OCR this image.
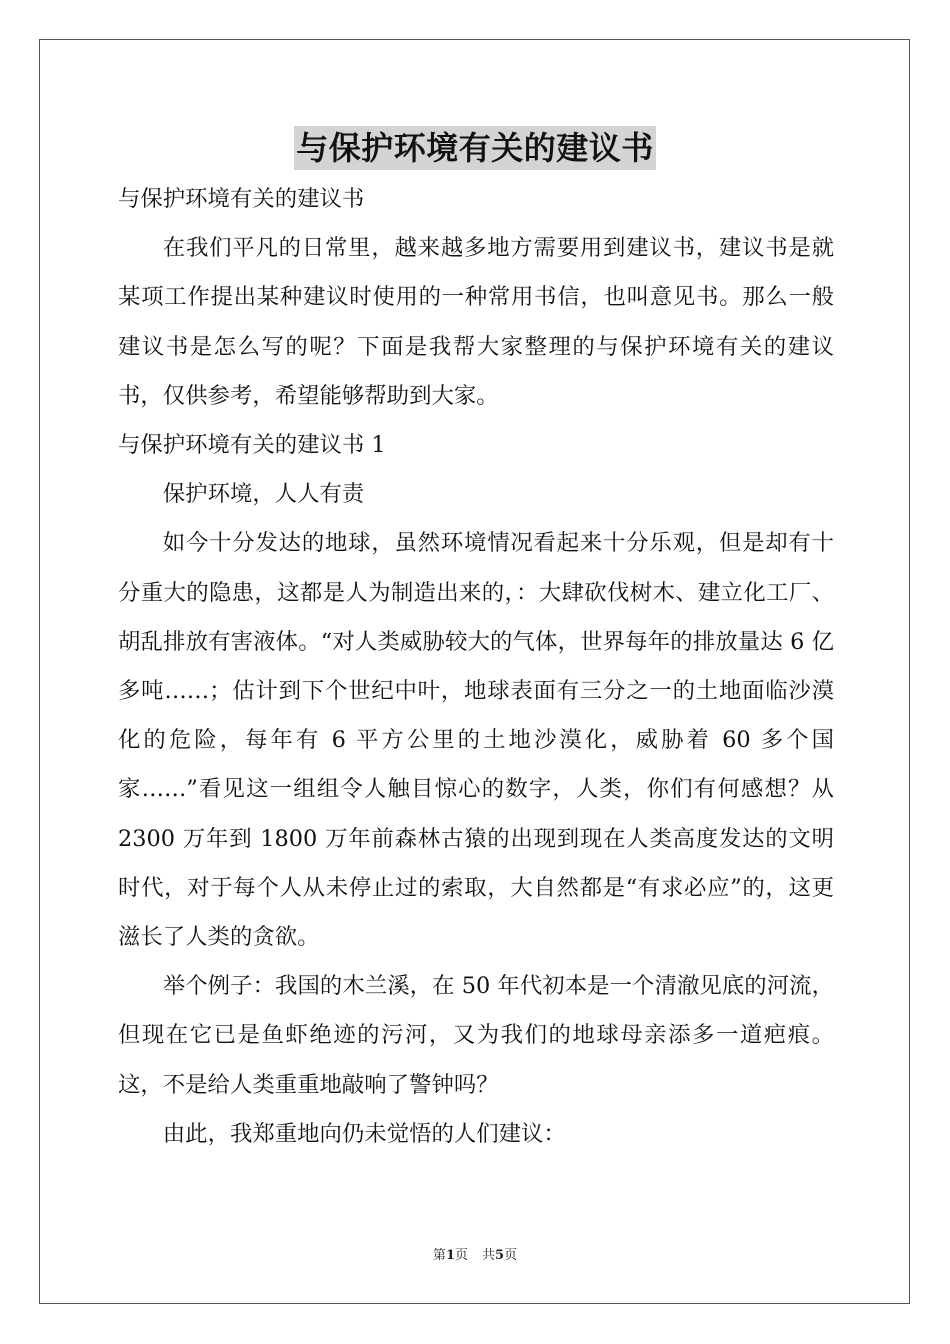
与保护环境有关的建议书

与保护环境有关的建议书

在我们平凡的日常里，越来越多地方需要用到建议书，建议书是就某项工作提出某种建议时使用的一种常用书信，也叫意见书。那么一般建议书是怎么写的呢？下面是我帮大家整理的与保护环境有关的建议书，仅供参考，希望能够帮助到大家。

与保护环境有关的建议书 1

保护环境，人人有责

如今十分发达的地球，虽然环境情况看起来十分乐观，但是却有十分重大的隐患，这都是人为制造出来的，：大肆砍伐树木、建立化工厂、胡乱排放有害液体。“对人类威胁较大的气体，世界每年的排放量达 6 亿多吨……；估计到下个世纪中叶，地球表面有三分之一的土地面临沙漠化的危险，每年有 6 平方公里的土地沙漠化，威胁着 60 多个国家……”看见这一组组令人触目惊心的数字，人类，你们有何感想？从 2300 万年到 1800 万年前森林古猿的出现到现在人类高度发达的文明时代，对于每个人从未停止过的索取，大自然都是“有求必应”的，这更滋长了人类的贪欲。

举个例子：我国的木兰溪，在 50 年代初本是一个清澈见底的河流，但现在它已是鱼虾绝迹的污河，又为我们的地球母亲添多一道疤痕。这，不是给人类重重地敲响了警钟吗？

由此，我郑重地向仍未觉悟的人们建议：

第1页 共5页
